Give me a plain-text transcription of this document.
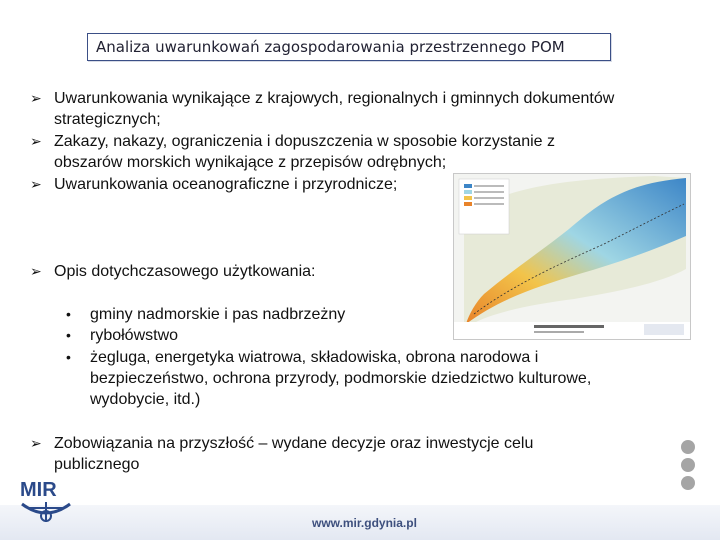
Analiza uwarunkowań zagospodarowania przestrzennego POM
➢ Uwarunkowania wynikające z krajowych, regionalnych i gminnych dokumentów
strategicznych;
➢ Zakazy, nakazy, ograniczenia i dopuszczenia w sposobie korzystanie z
obszarów morskich wynikające z przepisów odrębnych;
➢ Uwarunkowania oceanograficzne i przyrodnicze;
➢ Opis dotychczasowego użytkowania:
•	gminy nadmorskie i pas nadbrzeżny
•	rybołówstwo
•	żegluga, energetyka wiatrowa, składowiska, obrona narodowa i
bezpieczeństwo, ochrona przyrody, podmorskie dziedzictwo kulturowe,
wydobycie, itd.)
➢ Zobowiązania na przyszłość – wydane decyzje oraz inwestycje celu
publicznego
MIR
www.mir.gdynia.pl
